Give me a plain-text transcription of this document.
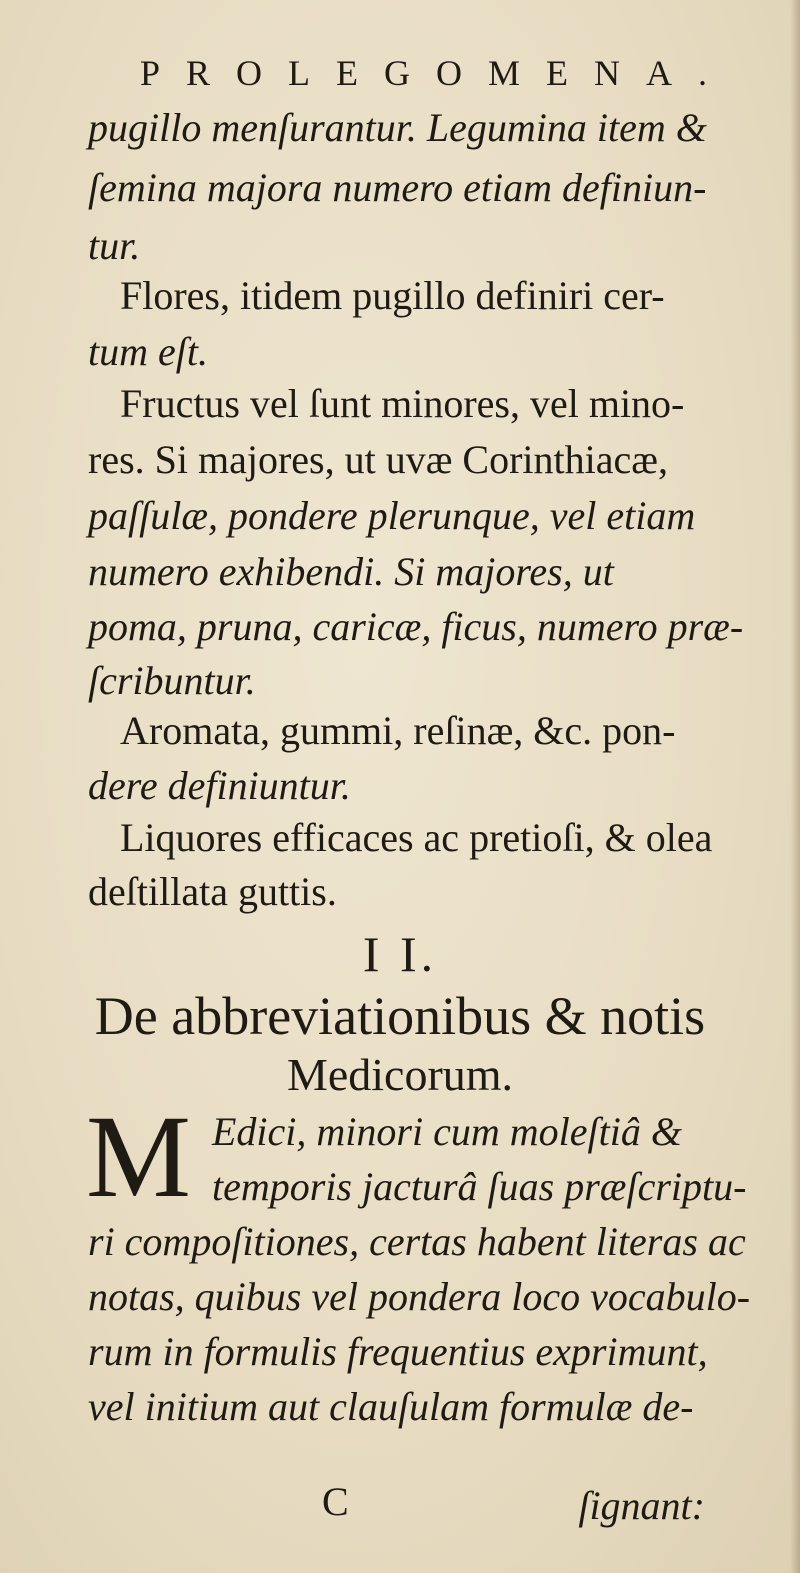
PROLEGOMENA.
pugillo menſurantur. Legumina item &
ſemina majora numero etiam definiun-
tur.
Flores, itidem pugillo definiri cer-
tum eſt.
Fructus vel ſunt minores, vel mino-
res. Si majores, ut uvæ Corinthiacæ,
paſſulæ, pondere plerunque, vel etiam
numero exhibendi. Si majores, ut
poma, pruna, caricæ, ficus, numero præ-
ſcribuntur.
Aromata, gummi, reſinæ, &c. pon-
dere definiuntur.
Liquores efficaces ac pretioſi, & olea
deſtillata guttis.
I I.
De abbreviationibus & notis
Medicorum.
M Edici, minori cum moleſtiâ &
temporis jacturâ ſuas præſcriptu-
ri compoſitiones, certas habent literas ac
notas, quibus vel pondera loco vocabulo-
rum in formulis frequentius exprimunt,
vel initium aut clauſulam formulæ de-
C	ſignant:
